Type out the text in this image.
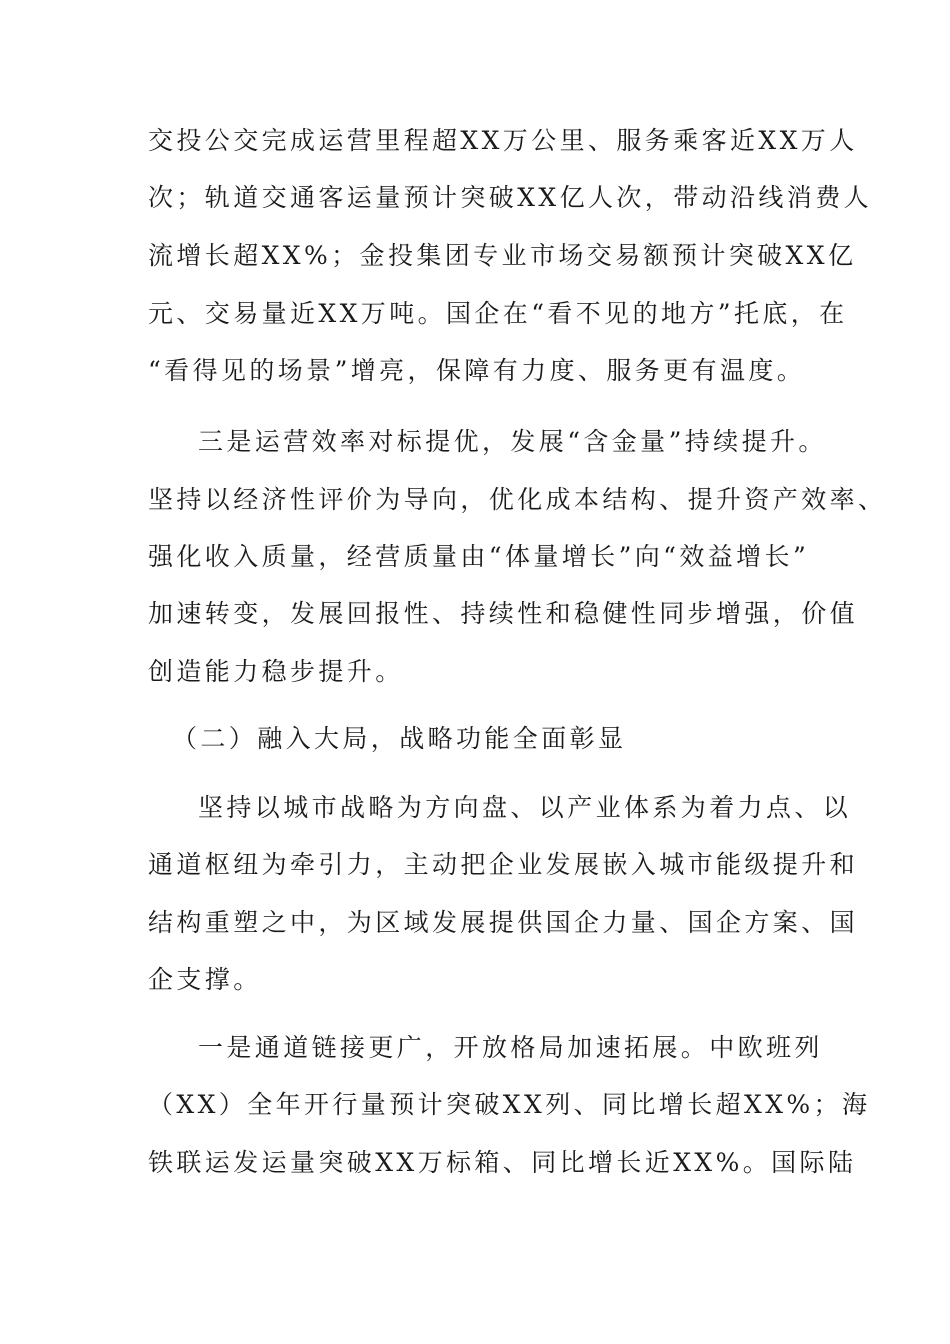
交投公交完成运营里程超XX万公里、服务乘客近XX万人
次；轨道交通客运量预计突破XX亿人次，带动沿线消费人
流增长超XX%；金投集团专业市场交易额预计突破XX亿
元、交易量近XX万吨。国企在“看不见的地方”托底，在
“看得见的场景”增亮，保障有力度、服务更有温度。
三是运营效率对标提优，发展“含金量”持续提升。
坚持以经济性评价为导向，优化成本结构、提升资产效率、
强化收入质量，经营质量由“体量增长”向“效益增长”
加速转变，发展回报性、持续性和稳健性同步增强，价值
创造能力稳步提升。
（二）融入大局，战略功能全面彰显
坚持以城市战略为方向盘、以产业体系为着力点、以
通道枢纽为牵引力，主动把企业发展嵌入城市能级提升和
结构重塑之中，为区域发展提供国企力量、国企方案、国
企支撑。
一是通道链接更广，开放格局加速拓展。中欧班列
（XX）全年开行量预计突破XX列、同比增长超XX%；海
铁联运发运量突破XX万标箱、同比增长近XX%。国际陆
